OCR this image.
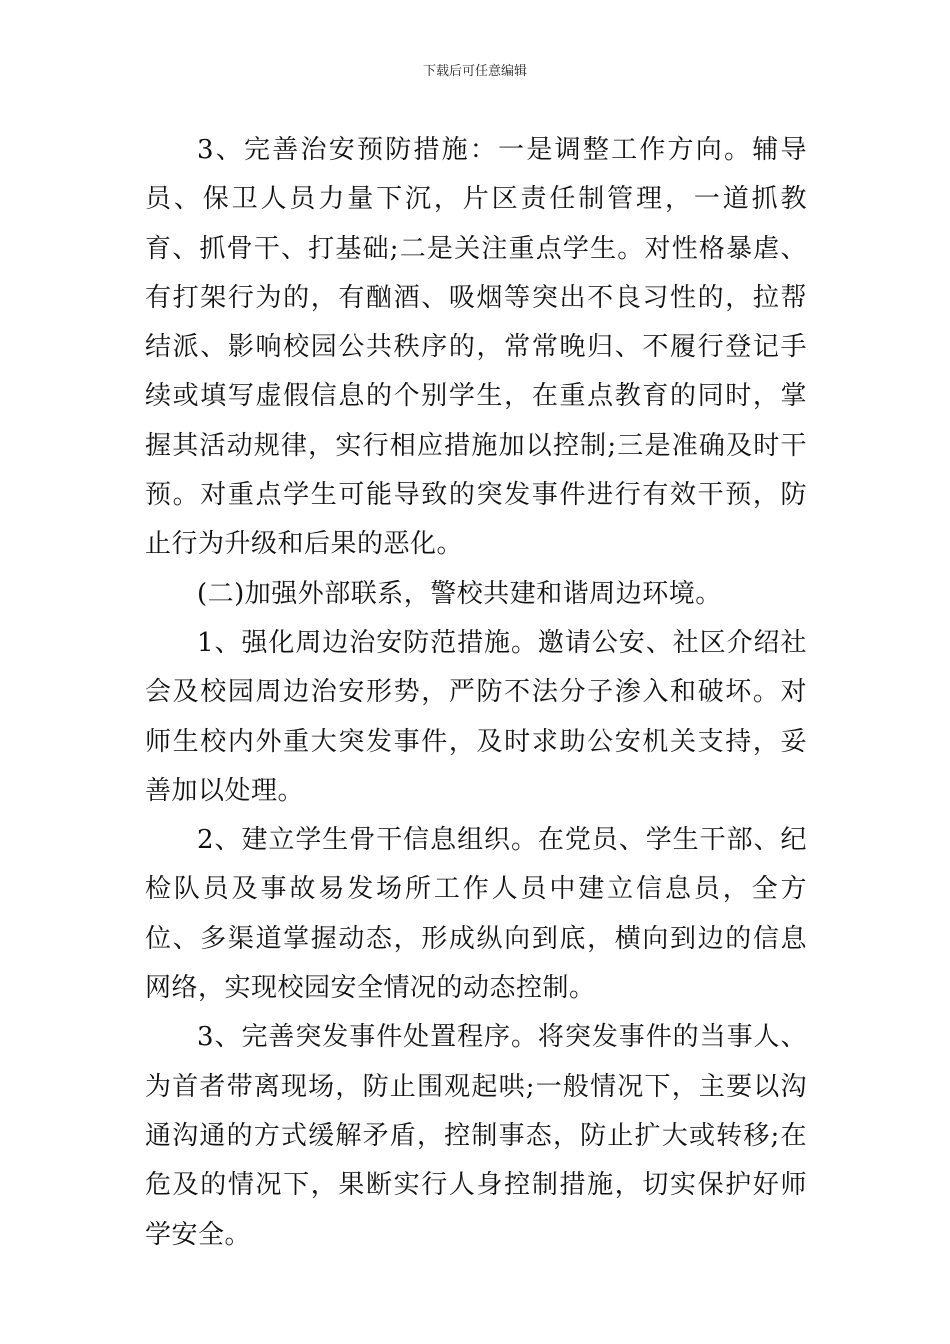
下载后可任意编辑

3、完善治安预防措施：一是调整工作方向。辅导员、保卫人员力量下沉，片区责任制管理，一道抓教育、抓骨干、打基础;二是关注重点学生。对性格暴虐、有打架行为的，有酗酒、吸烟等突出不良习性的，拉帮结派、影响校园公共秩序的，常常晚归、不履行登记手续或填写虚假信息的个别学生，在重点教育的同时，掌握其活动规律，实行相应措施加以控制;三是准确及时干预。对重点学生可能导致的突发事件进行有效干预，防止行为升级和后果的恶化。

(二)加强外部联系，警校共建和谐周边环境。

1、强化周边治安防范措施。邀请公安、社区介绍社会及校园周边治安形势，严防不法分子渗入和破坏。对师生校内外重大突发事件，及时求助公安机关支持，妥善加以处理。

2、建立学生骨干信息组织。在党员、学生干部、纪检队员及事故易发场所工作人员中建立信息员，全方位、多渠道掌握动态，形成纵向到底，横向到边的信息网络，实现校园安全情况的动态控制。

3、完善突发事件处置程序。将突发事件的当事人、为首者带离现场，防止围观起哄;一般情况下，主要以沟通沟通的方式缓解矛盾，控制事态，防止扩大或转移;在危及的情况下，果断实行人身控制措施，切实保护好师学安全。
